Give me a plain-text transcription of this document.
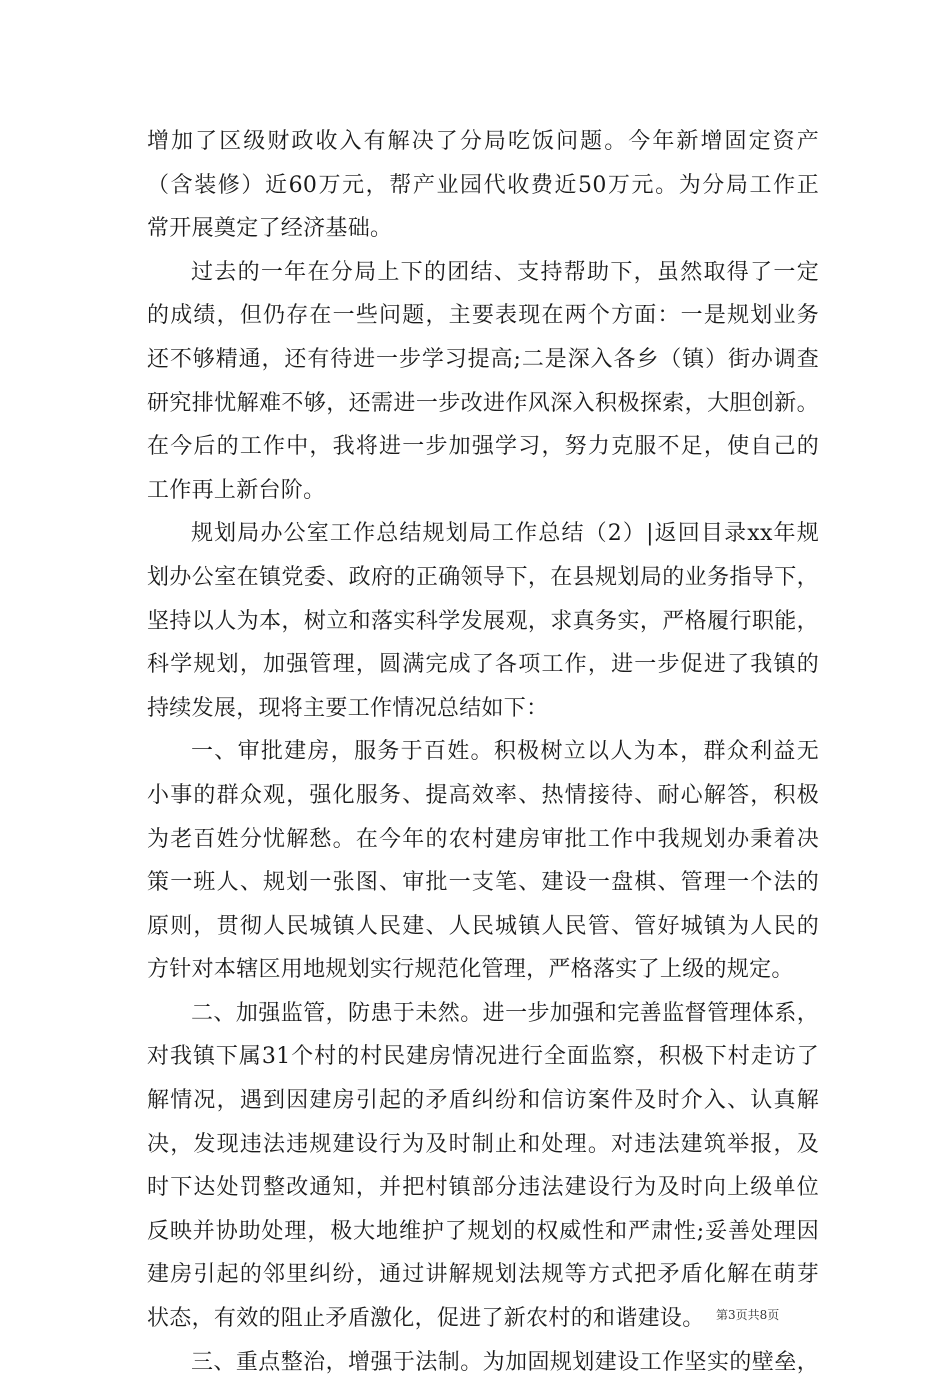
增加了区级财政收入有解决了分局吃饭问题。今年新增固定资产
（含装修）近60万元，帮产业园代收费近50万元。为分局工作正
常开展奠定了经济基础。
过去的一年在分局上下的团结、支持帮助下，虽然取得了一定
的成绩，但仍存在一些问题，主要表现在两个方面：一是规划业务
还不够精通，还有待进一步学习提高;二是深入各乡（镇）街办调查
研究排忧解难不够，还需进一步改进作风深入积极探索，大胆创新。
在今后的工作中，我将进一步加强学习，努力克服不足，使自己的
工作再上新台阶。
规划局办公室工作总结规划局工作总结（2）|返回目录xx年规
划办公室在镇党委、政府的正确领导下，在县规划局的业务指导下，
坚持以人为本，树立和落实科学发展观，求真务实，严格履行职能，
科学规划，加强管理，圆满完成了各项工作，进一步促进了我镇的
持续发展，现将主要工作情况总结如下：
一、审批建房，服务于百姓。积极树立以人为本，群众利益无
小事的群众观，强化服务、提高效率、热情接待、耐心解答，积极
为老百姓分忧解愁。在今年的农村建房审批工作中我规划办秉着决
策一班人、规划一张图、审批一支笔、建设一盘棋、管理一个法的
原则，贯彻人民城镇人民建、人民城镇人民管、管好城镇为人民的
方针对本辖区用地规划实行规范化管理，严格落实了上级的规定。
二、加强监管，防患于未然。进一步加强和完善监督管理体系，
对我镇下属31个村的村民建房情况进行全面监察，积极下村走访了
解情况，遇到因建房引起的矛盾纠纷和信访案件及时介入、认真解
决，发现违法违规建设行为及时制止和处理。对违法建筑举报，及
时下达处罚整改通知，并把村镇部分违法建设行为及时向上级单位
反映并协助处理，极大地维护了规划的权威性和严肃性;妥善处理因
建房引起的邻里纠纷，通过讲解规划法规等方式把矛盾化解在萌芽
状态，有效的阻止矛盾激化，促进了新农村的和谐建设。
三、重点整治，增强于法制。为加固规划建设工作坚实的壁垒，
第3页共8页
